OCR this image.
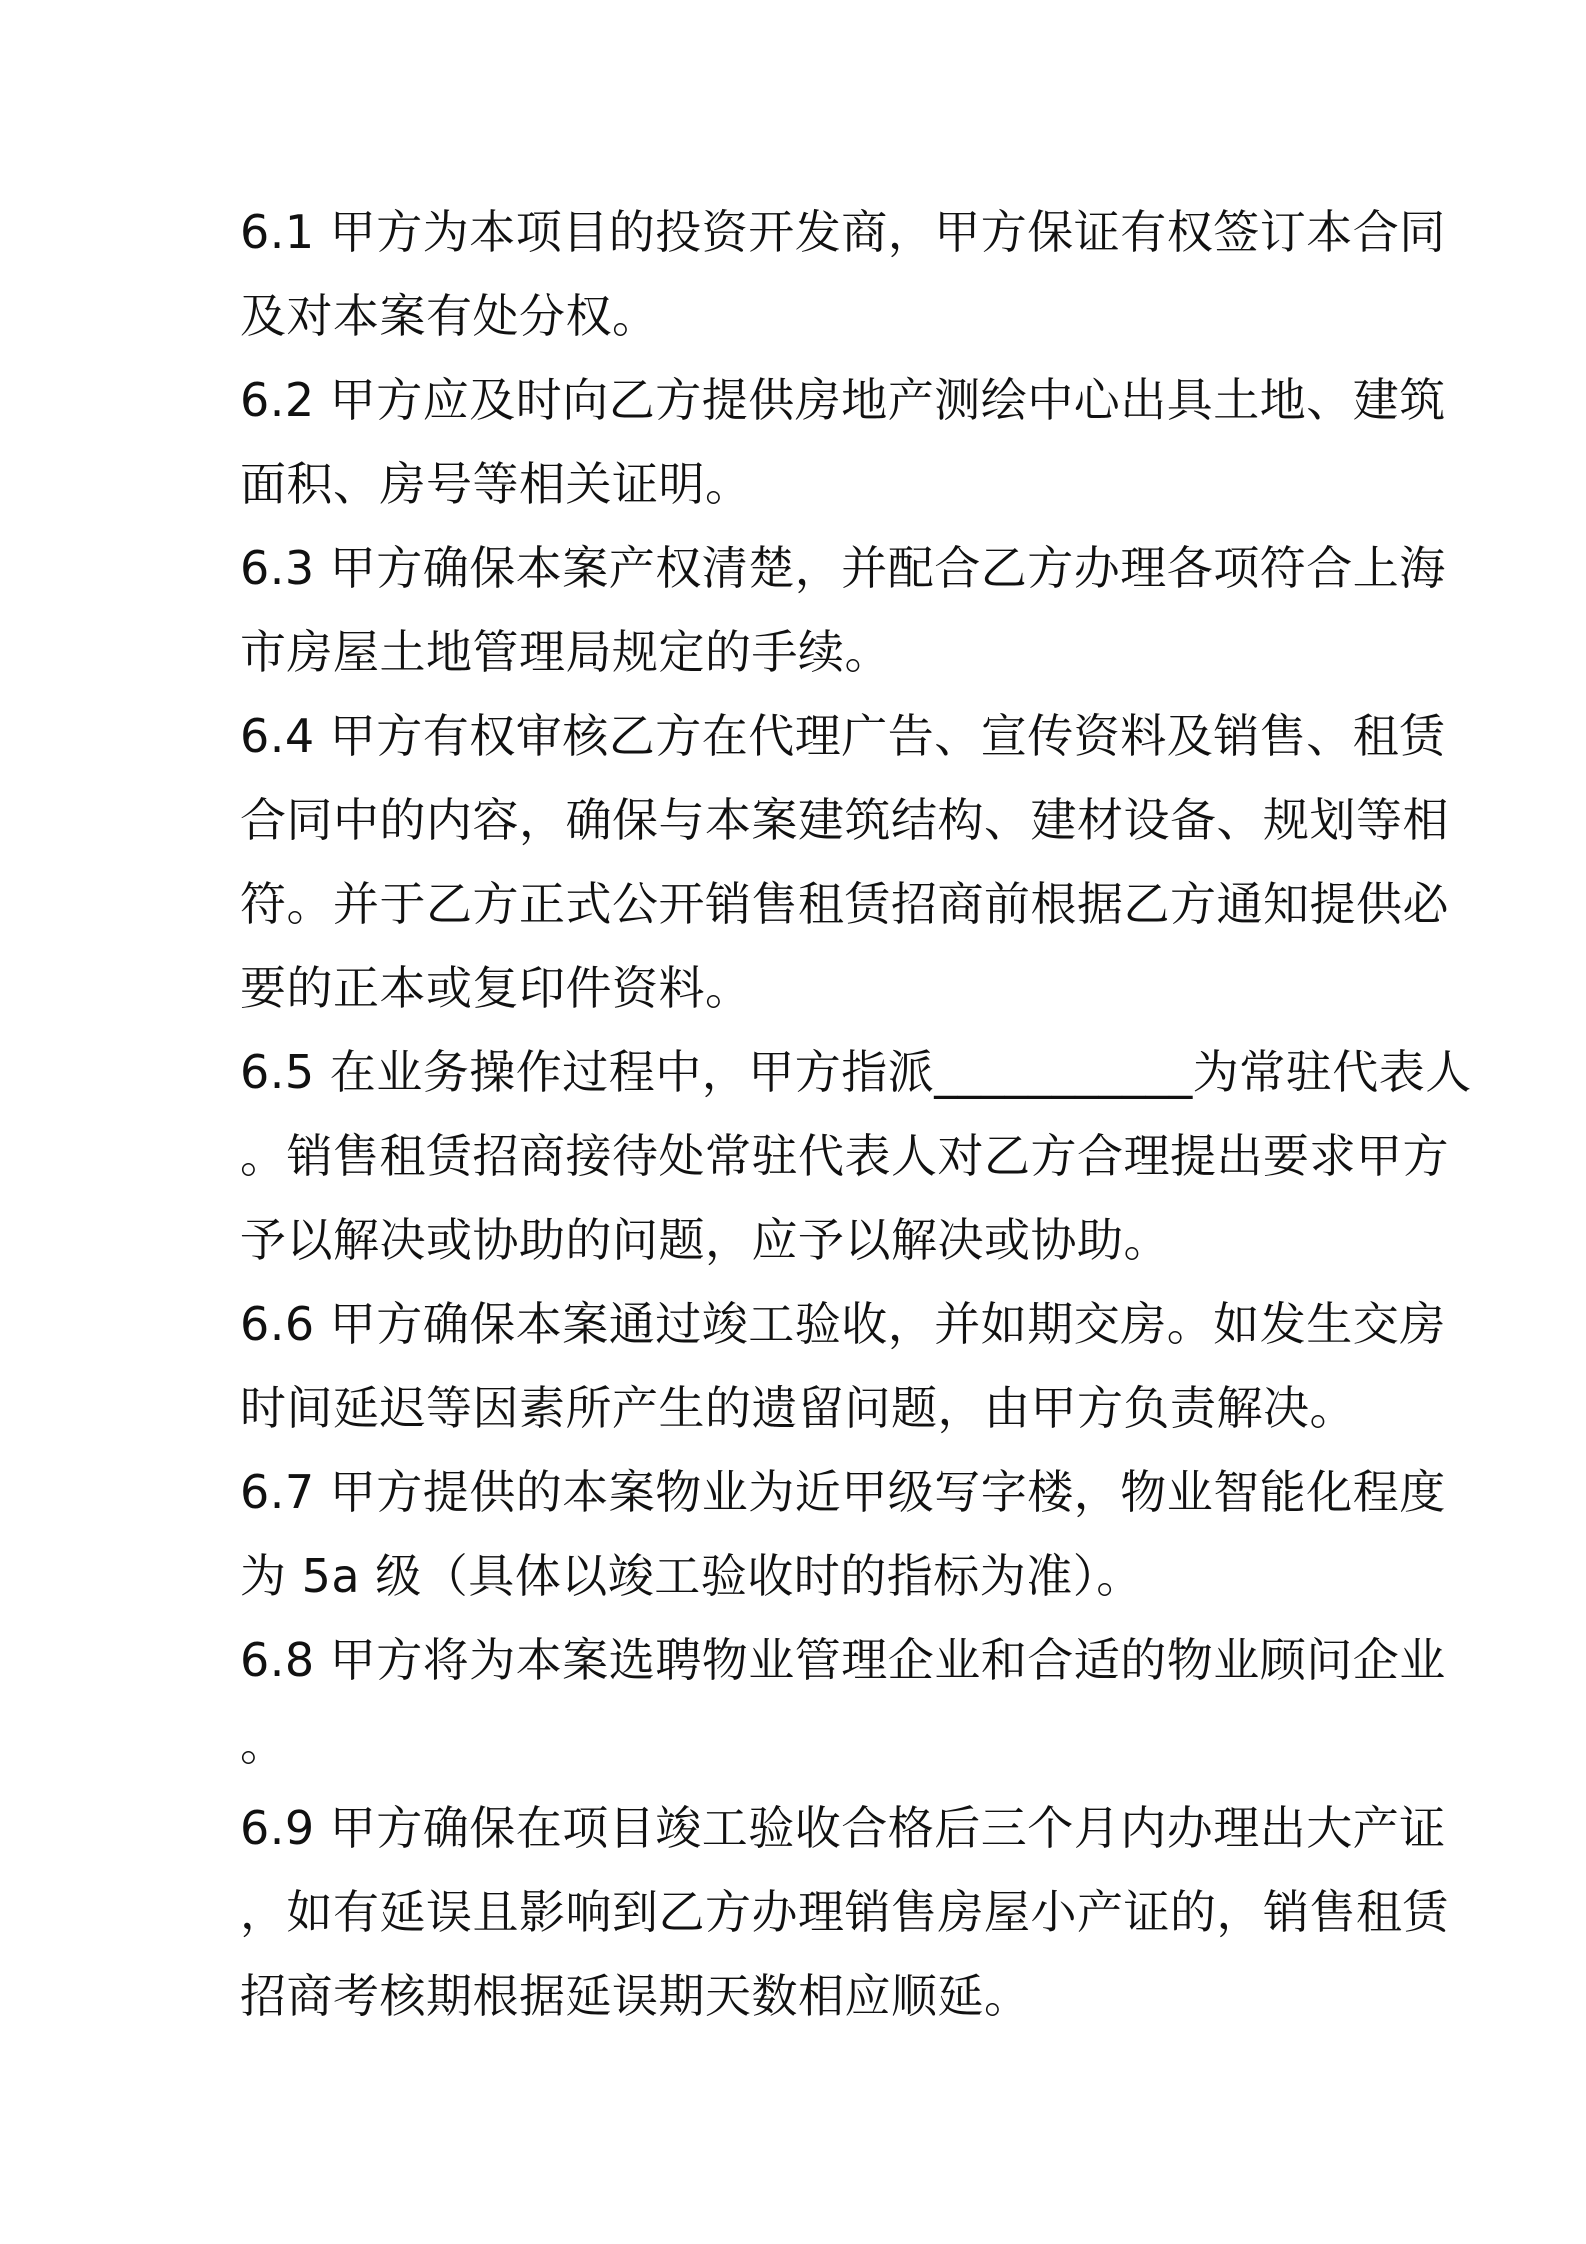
6.1 甲方为本项目的投资开发商，甲方保证有权签订本合同
及对本案有处分权。
6.2 甲方应及时向乙方提供房地产测绘中心出具土地、建筑
面积、房号等相关证明。
6.3 甲方确保本案产权清楚，并配合乙方办理各项符合上海
市房屋土地管理局规定的手续。
6.4 甲方有权审核乙方在代理广告、宣传资料及销售、租赁
合同中的内容，确保与本案建筑结构、建材设备、规划等相
符。并于乙方正式公开销售租赁招商前根据乙方通知提供必
要的正本或复印件资料。
6.5 在业务操作过程中，甲方指派___________为常驻代表人
。销售租赁招商接待处常驻代表人对乙方合理提出要求甲方
予以解决或协助的问题，应予以解决或协助。
6.6 甲方确保本案通过竣工验收，并如期交房。如发生交房
时间延迟等因素所产生的遗留问题，由甲方负责解决。
6.7 甲方提供的本案物业为近甲级写字楼，物业智能化程度
为 5a 级（具体以竣工验收时的指标为准）。
6.8 甲方将为本案选聘物业管理企业和合适的物业顾问企业
。
6.9 甲方确保在项目竣工验收合格后三个月内办理出大产证
，如有延误且影响到乙方办理销售房屋小产证的，销售租赁
招商考核期根据延误期天数相应顺延。
